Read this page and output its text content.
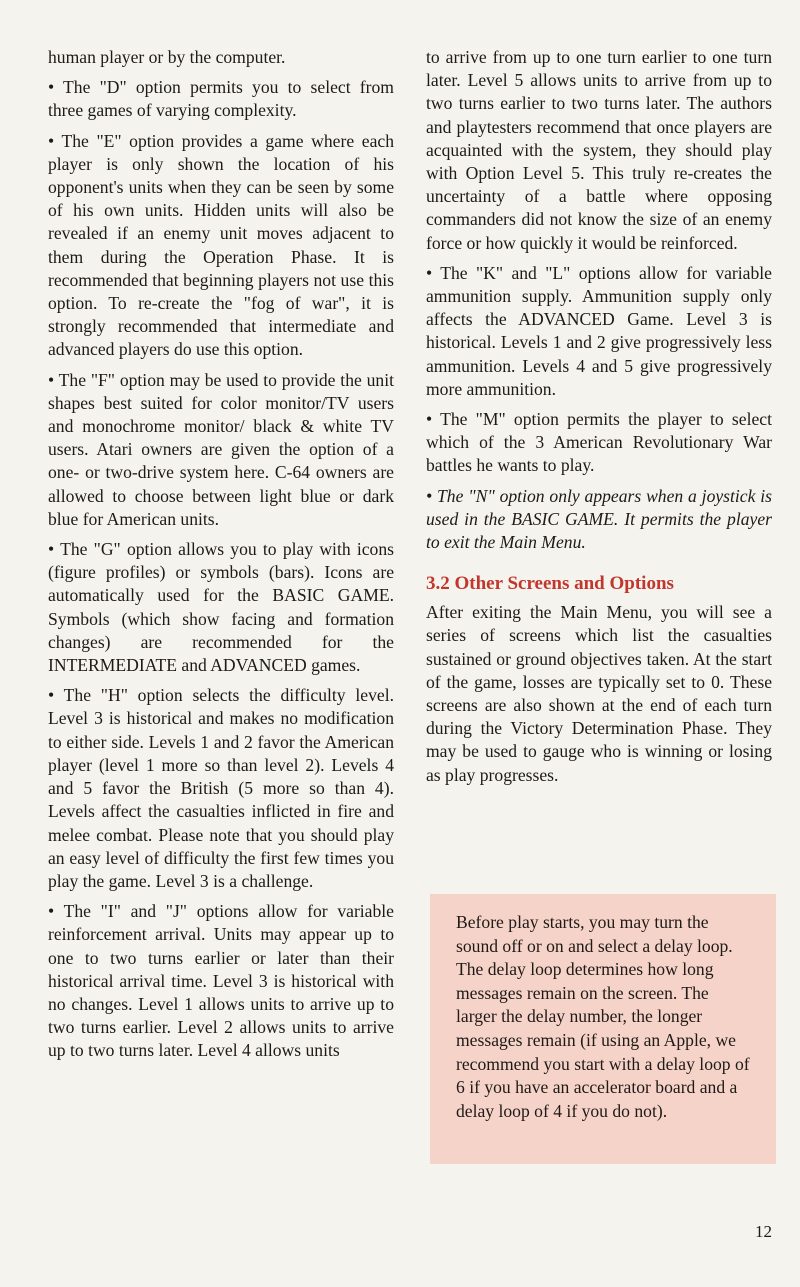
human player or by the computer.

• The "D" option permits you to select from three games of varying complexity.

• The "E" option provides a game where each player is only shown the location of his opponent's units when they can be seen by some of his own units. Hidden units will also be revealed if an enemy unit moves adjacent to them during the Operation Phase. It is recommended that beginning players not use this option. To re-create the "fog of war", it is strongly recommended that intermediate and advanced players do use this option.

• The "F" option may be used to provide the unit shapes best suited for color monitor/TV users and monochrome monitor/ black & white TV users. Atari owners are given the option of a one- or two-drive system here. C-64 owners are allowed to choose between light blue or dark blue for American units.

• The "G" option allows you to play with icons (figure profiles) or symbols (bars). Icons are automatically used for the BASIC GAME. Symbols (which show facing and formation changes) are recommended for the INTERMEDIATE and ADVANCED games.

• The "H" option selects the difficulty level. Level 3 is historical and makes no modification to either side. Levels 1 and 2 favor the American player (level 1 more so than level 2). Levels 4 and 5 favor the British (5 more so than 4). Levels affect the casualties inflicted in fire and melee combat. Please note that you should play an easy level of difficulty the first few times you play the game. Level 3 is a challenge.

• The "I" and "J" options allow for variable reinforcement arrival. Units may appear up to one to two turns earlier or later than their historical arrival time. Level 3 is historical with no changes. Level 1 allows units to arrive up to two turns earlier. Level 2 allows units to arrive up to two turns later. Level 4 allows units

to arrive from up to one turn earlier to one turn later. Level 5 allows units to arrive from up to two turns earlier to two turns later. The authors and playtesters recommend that once players are acquainted with the system, they should play with Option Level 5. This truly re-creates the uncertainty of a battle where opposing commanders did not know the size of an enemy force or how quickly it would be reinforced.

• The "K" and "L" options allow for variable ammunition supply. Ammunition supply only affects the ADVANCED Game. Level 3 is historical. Levels 1 and 2 give progressively less ammunition. Levels 4 and 5 give progressively more ammunition.

• The "M" option permits the player to select which of the 3 American Revolutionary War battles he wants to play.

• The "N" option only appears when a joystick is used in the BASIC GAME. It permits the player to exit the Main Menu.

3.2 Other Screens and Options

After exiting the Main Menu, you will see a series of screens which list the casualties sustained or ground objectives taken. At the start of the game, losses are typically set to 0. These screens are also shown at the end of each turn during the Victory Determination Phase. They may be used to gauge who is winning or losing as play progresses.

Before play starts, you may turn the sound off or on and select a delay loop. The delay loop determines how long messages remain on the screen. The larger the delay number, the longer messages remain (if using an Apple, we recommend you start with a delay loop of 6 if you have an accelerator board and a delay loop of 4 if you do not).

12
